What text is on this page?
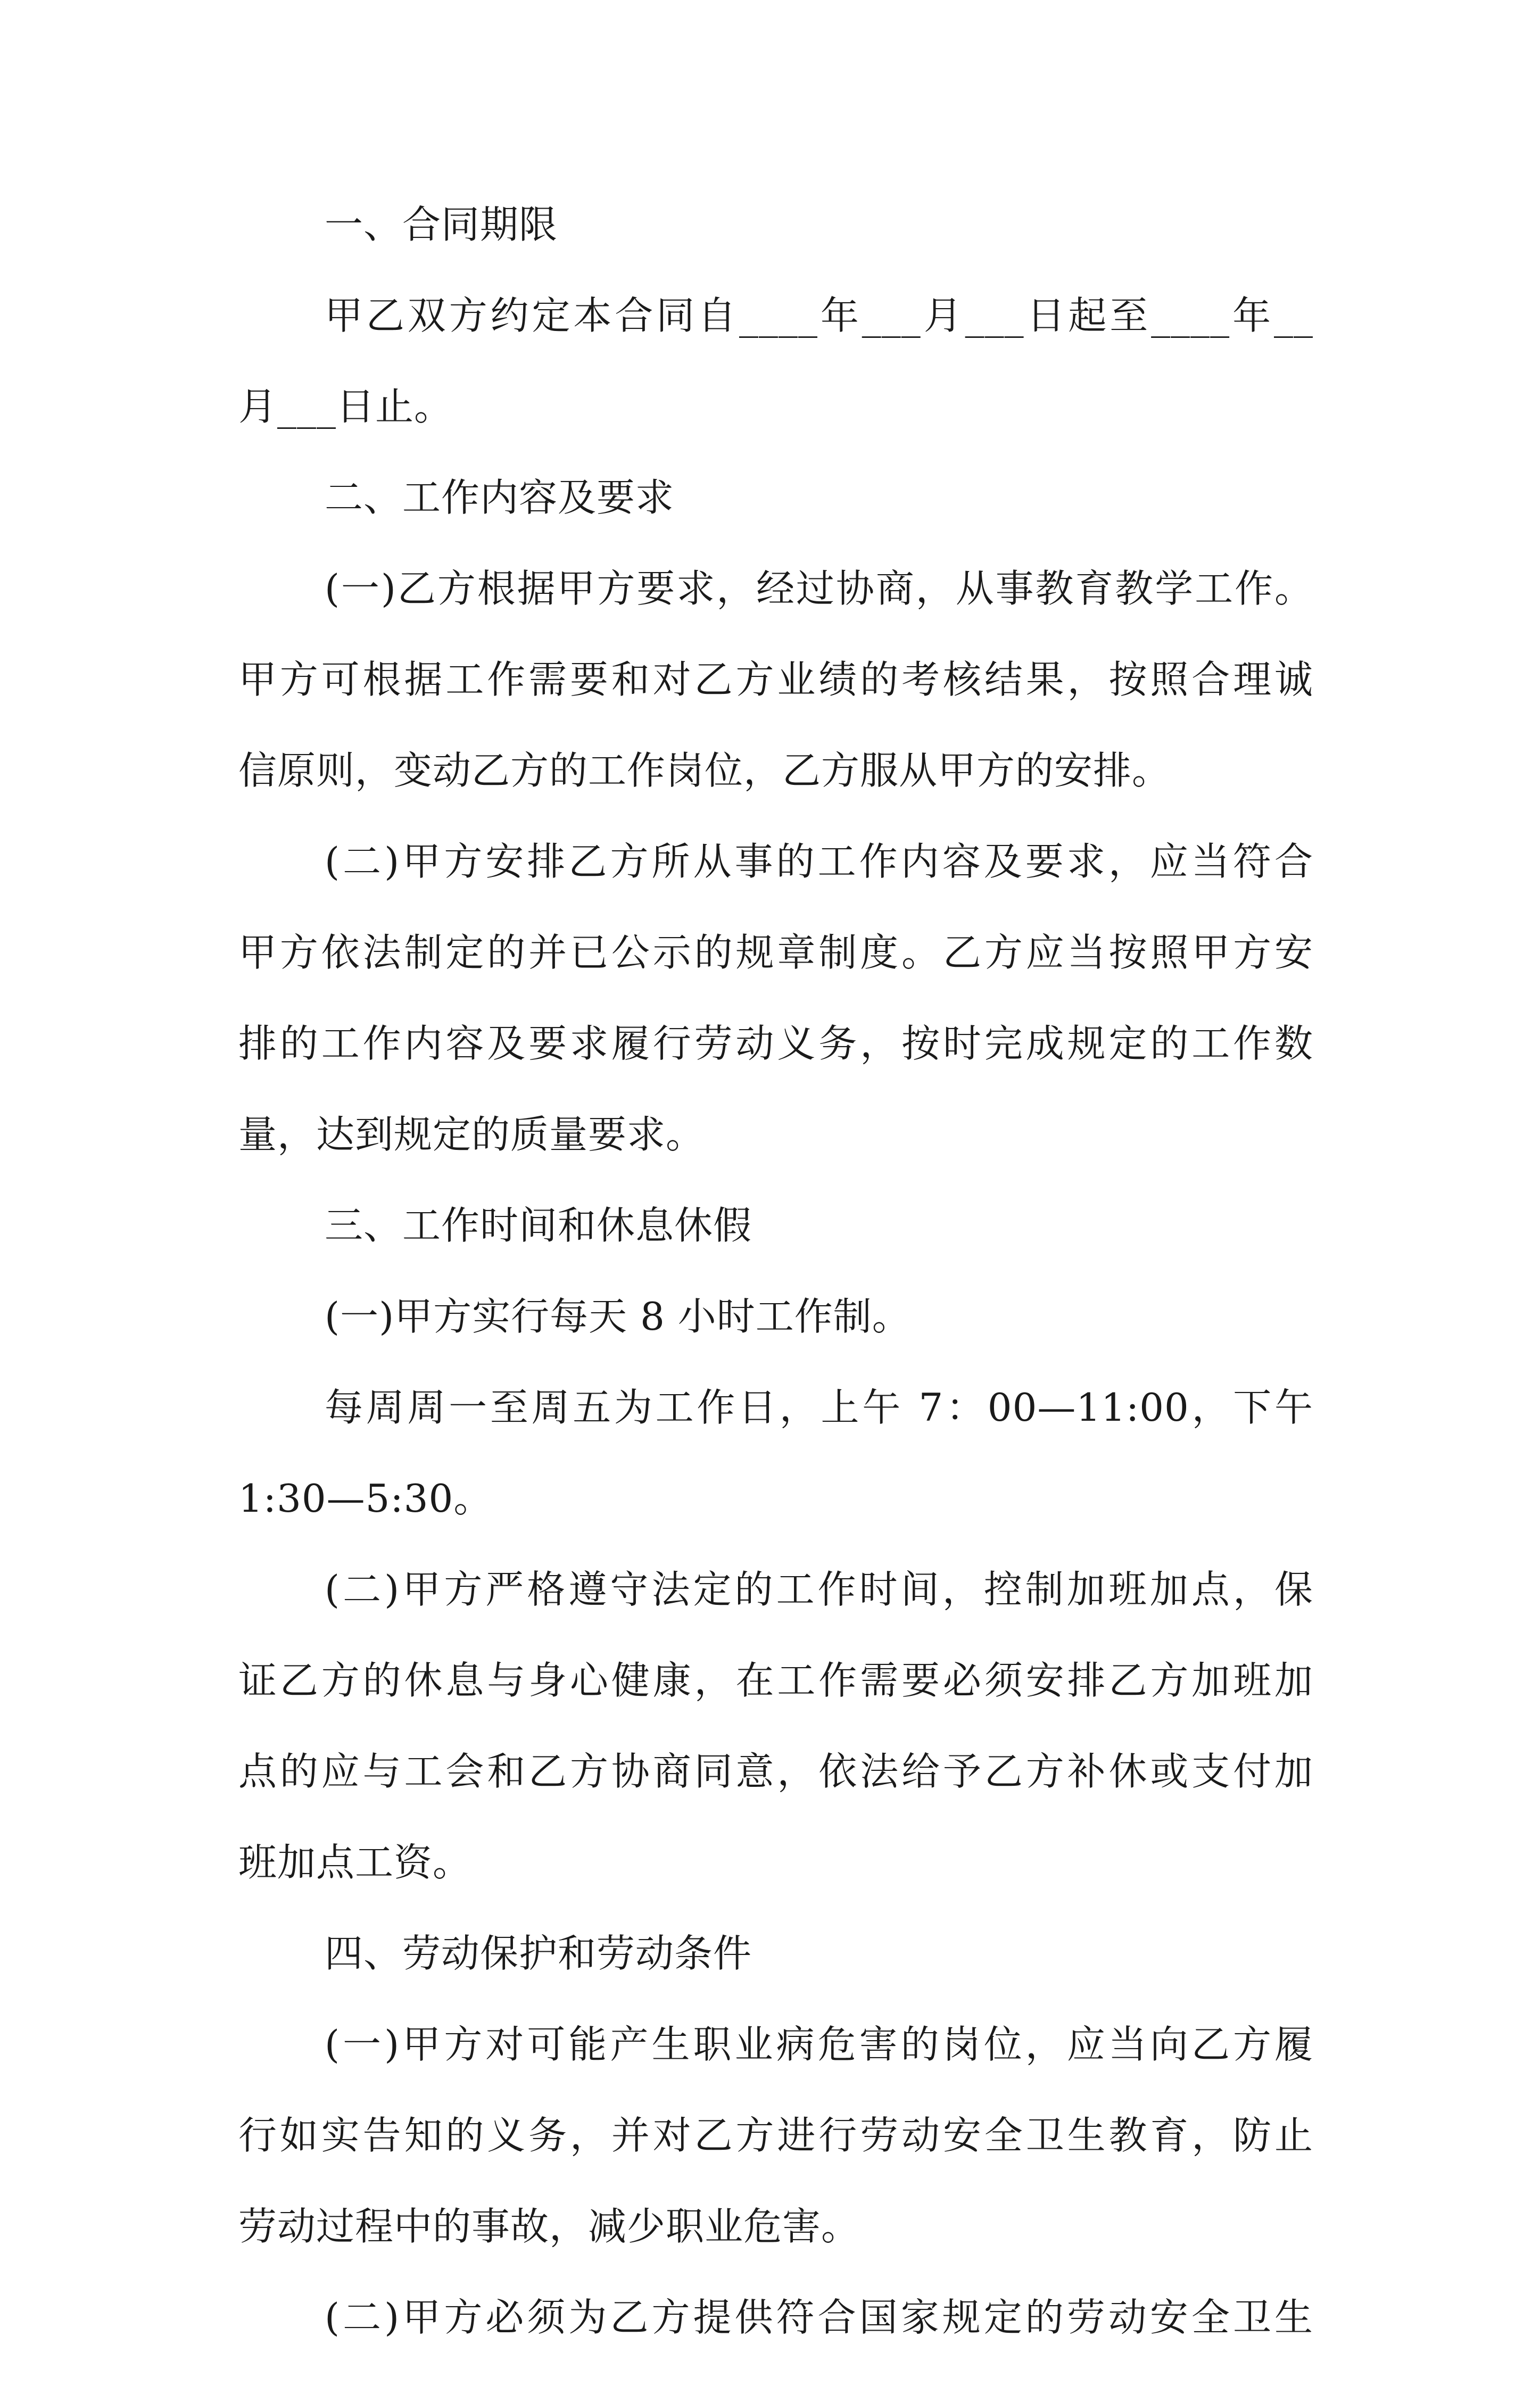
一、合同期限
甲乙双方约定本合同自____年___月___日起至____年__
月___日止。
二、工作内容及要求
(一)乙方根据甲方要求，经过协商，从事教育教学工作。
甲方可根据工作需要和对乙方业绩的考核结果，按照合理诚
信原则，变动乙方的工作岗位，乙方服从甲方的安排。
(二)甲方安排乙方所从事的工作内容及要求，应当符合
甲方依法制定的并已公示的规章制度。乙方应当按照甲方安
排的工作内容及要求履行劳动义务，按时完成规定的工作数
量，达到规定的质量要求。
三、工作时间和休息休假
(一)甲方实行每天 8 小时工作制。
每周周一至周五为工作日，上午 7：00—11:00，下午
1:30—5:30。
(二)甲方严格遵守法定的工作时间，控制加班加点，保
证乙方的休息与身心健康，在工作需要必须安排乙方加班加
点的应与工会和乙方协商同意，依法给予乙方补休或支付加
班加点工资。
四、劳动保护和劳动条件
(一)甲方对可能产生职业病危害的岗位，应当向乙方履
行如实告知的义务，并对乙方进行劳动安全卫生教育，防止
劳动过程中的事故，减少职业危害。
(二)甲方必须为乙方提供符合国家规定的劳动安全卫生
